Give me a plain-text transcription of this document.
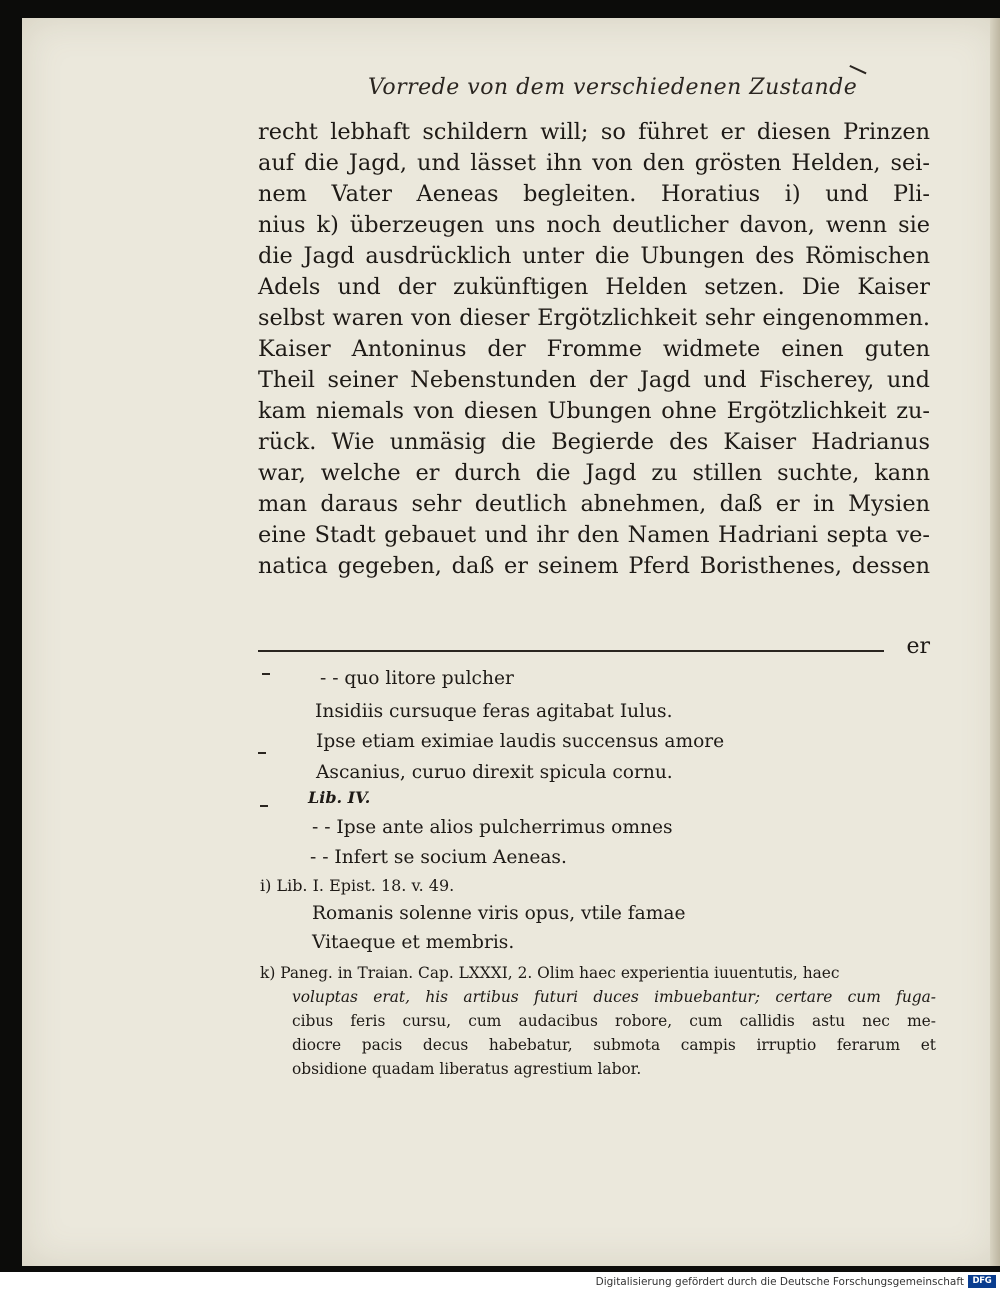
Vorrede von dem verschiedenen Zustande
recht lebhaft schildern will; so führet er diesen Prinzen
auf die Jagd, und lässet ihn von den grösten Helden, sei-
nem Vater Aeneas begleiten. Horatius i) und Pli-
nius k) überzeugen uns noch deutlicher davon, wenn sie
die Jagd ausdrücklich unter die Ubungen des Römischen
Adels und der zukünftigen Helden setzen. Die Kaiser
selbst waren von dieser Ergötzlichkeit sehr eingenommen.
Kaiser Antoninus der Fromme widmete einen guten
Theil seiner Nebenstunden der Jagd und Fischerey, und
kam niemals von diesen Ubungen ohne Ergötzlichkeit zu-
rück. Wie unmäsig die Begierde des Kaiser Hadrianus
war, welche er durch die Jagd zu stillen suchte, kann
man daraus sehr deutlich abnehmen, daß er in Mysien
eine Stadt gebauet und ihr den Namen Hadriani septa ve-
natica gegeben, daß er seinem Pferd Boristhenes, dessen
er
- - quo litore pulcher
Insidiis cursuque feras agitabat Iulus.
Ipse etiam eximiae laudis succensus amore
Ascanius, curuo direxit spicula cornu.
Lib. IV.
- - Ipse ante alios pulcherrimus omnes
- - Infert se socium Aeneas.
i) Lib. I. Epist. 18. v. 49.
Romanis solenne viris opus, vtile famae
Vitaeque et membris.
k) Paneg. in Traian. Cap. LXXXI, 2. Olim haec experientia iuuentutis, haec
voluptas erat, his artibus futuri duces imbuebantur; certare cum fuga-
cibus feris cursu, cum audacibus robore, cum callidis astu nec me-
diocre pacis decus habebatur, submota campis irruptio ferarum et
obsidione quadam liberatus agrestium labor.
Digitalisierung gefördert durch die Deutsche Forschungsgemeinschaft	DFG
